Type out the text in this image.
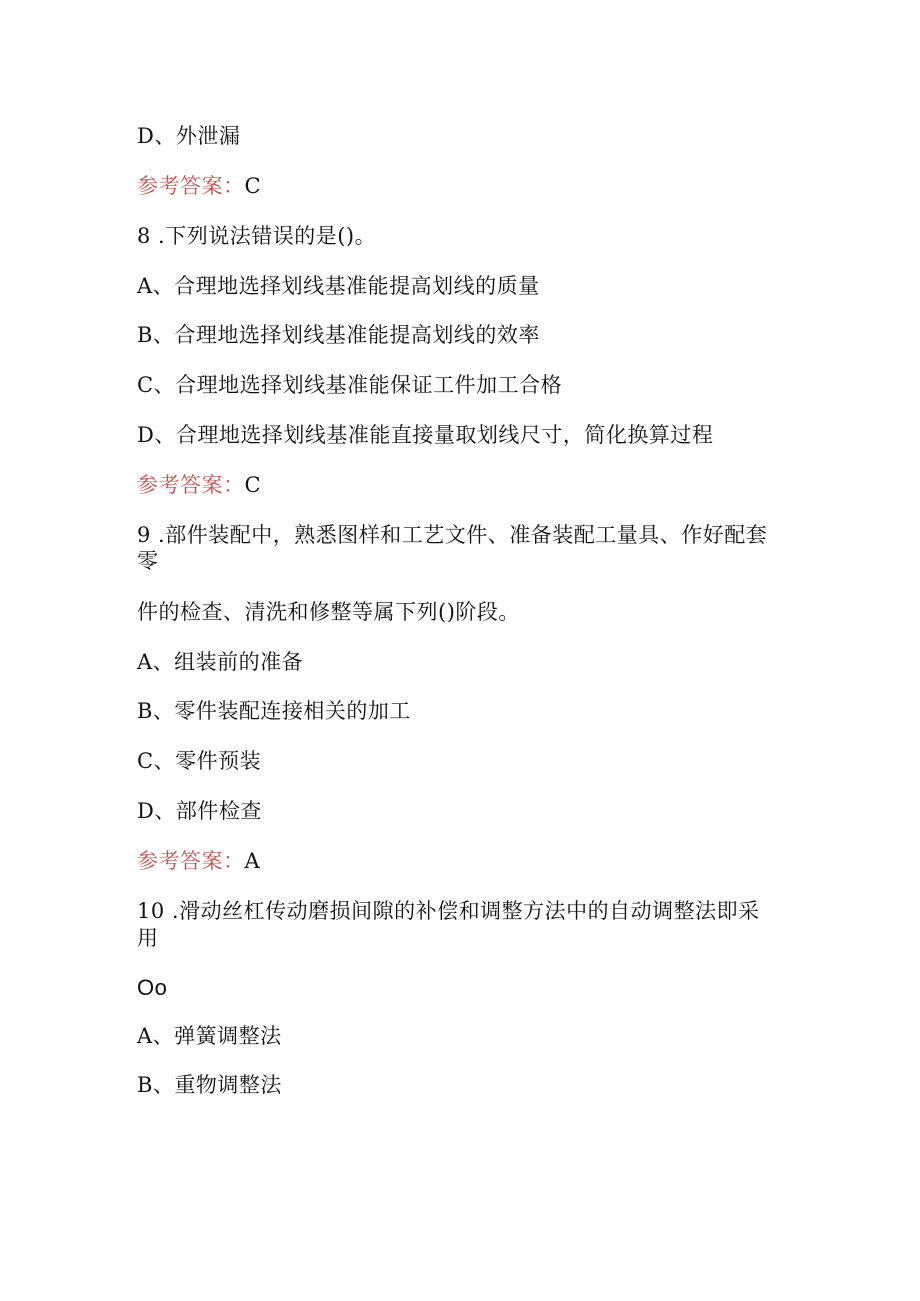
D、外泄漏
参考答案：C
8 .下列说法错误的是()。
A、合理地选择划线基准能提高划线的质量
B、合理地选择划线基准能提高划线的效率
C、合理地选择划线基准能保证工件加工合格
D、合理地选择划线基准能直接量取划线尺寸，简化换算过程
参考答案：C
9 .部件装配中，熟悉图样和工艺文件、准备装配工量具、作好配套
零
件的检查、清洗和修整等属下列()阶段。
A、组装前的准备
B、零件装配连接相关的加工
C、零件预装
D、部件检查
参考答案：A
10 .滑动丝杠传动磨损间隙的补偿和调整方法中的自动调整法即采
用
Oo
A、弹簧调整法
B、重物调整法
